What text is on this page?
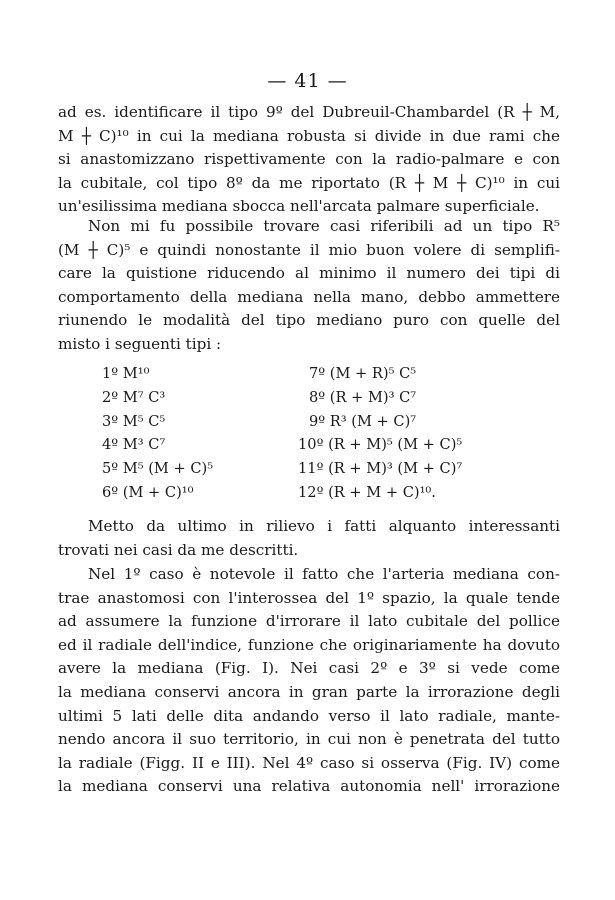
— 41 —
ad es. identificare il tipo 9º del Dubreuil-Chambardel (R ┼ M,
M ┼ C)¹⁰ in cui la mediana robusta si divide in due rami che
si anastomizzano rispettivamente con la radio-palmare e con
la cubitale, col tipo 8º da me riportato (R ┼ M ┼ C)¹⁰ in cui
un'esilissima mediana sbocca nell'arcata palmare superficiale.
Non mi fu possibile trovare casi riferibili ad un tipo R⁵
(M ┼ C)⁵ e quindi nonostante il mio buon volere di semplifi-
care la quistione riducendo al minimo il numero dei tipi di
comportamento della mediana nella mano, debbo ammettere
riunendo le modalità del tipo mediano puro con quelle del
misto i seguenti tipi :
1º M¹⁰
2º M⁷ C³
3º M⁵ C⁵
4º M³ C⁷
5º M⁵ (M + C)⁵
6º (M + C)¹⁰
7º (M + R)⁵ C⁵
8º (R + M)³ C⁷
9º R³ (M + C)⁷
10º (R + M)⁵ (M + C)⁵
11º (R + M)³ (M + C)⁷
12º (R + M + C)¹⁰.
Metto da ultimo in rilievo i fatti alquanto interessanti
trovati nei casi da me descritti.
Nel 1º caso è notevole il fatto che l'arteria mediana con-
trae anastomosi con l'interossea del 1º spazio, la quale tende
ad assumere la funzione d'irrorare il lato cubitale del pollice
ed il radiale dell'indice, funzione che originariamente ha dovuto
avere la mediana (Fig. I). Nei casi 2º e 3º si vede come
la mediana conservi ancora in gran parte la irrorazione degli
ultimi 5 lati delle dita andando verso il lato radiale, mante-
nendo ancora il suo territorio, in cui non è penetrata del tutto
la radiale (Figg. II e III). Nel 4º caso si osserva (Fig. IV) come
la mediana conservi una relativa autonomia nell' irrorazione
